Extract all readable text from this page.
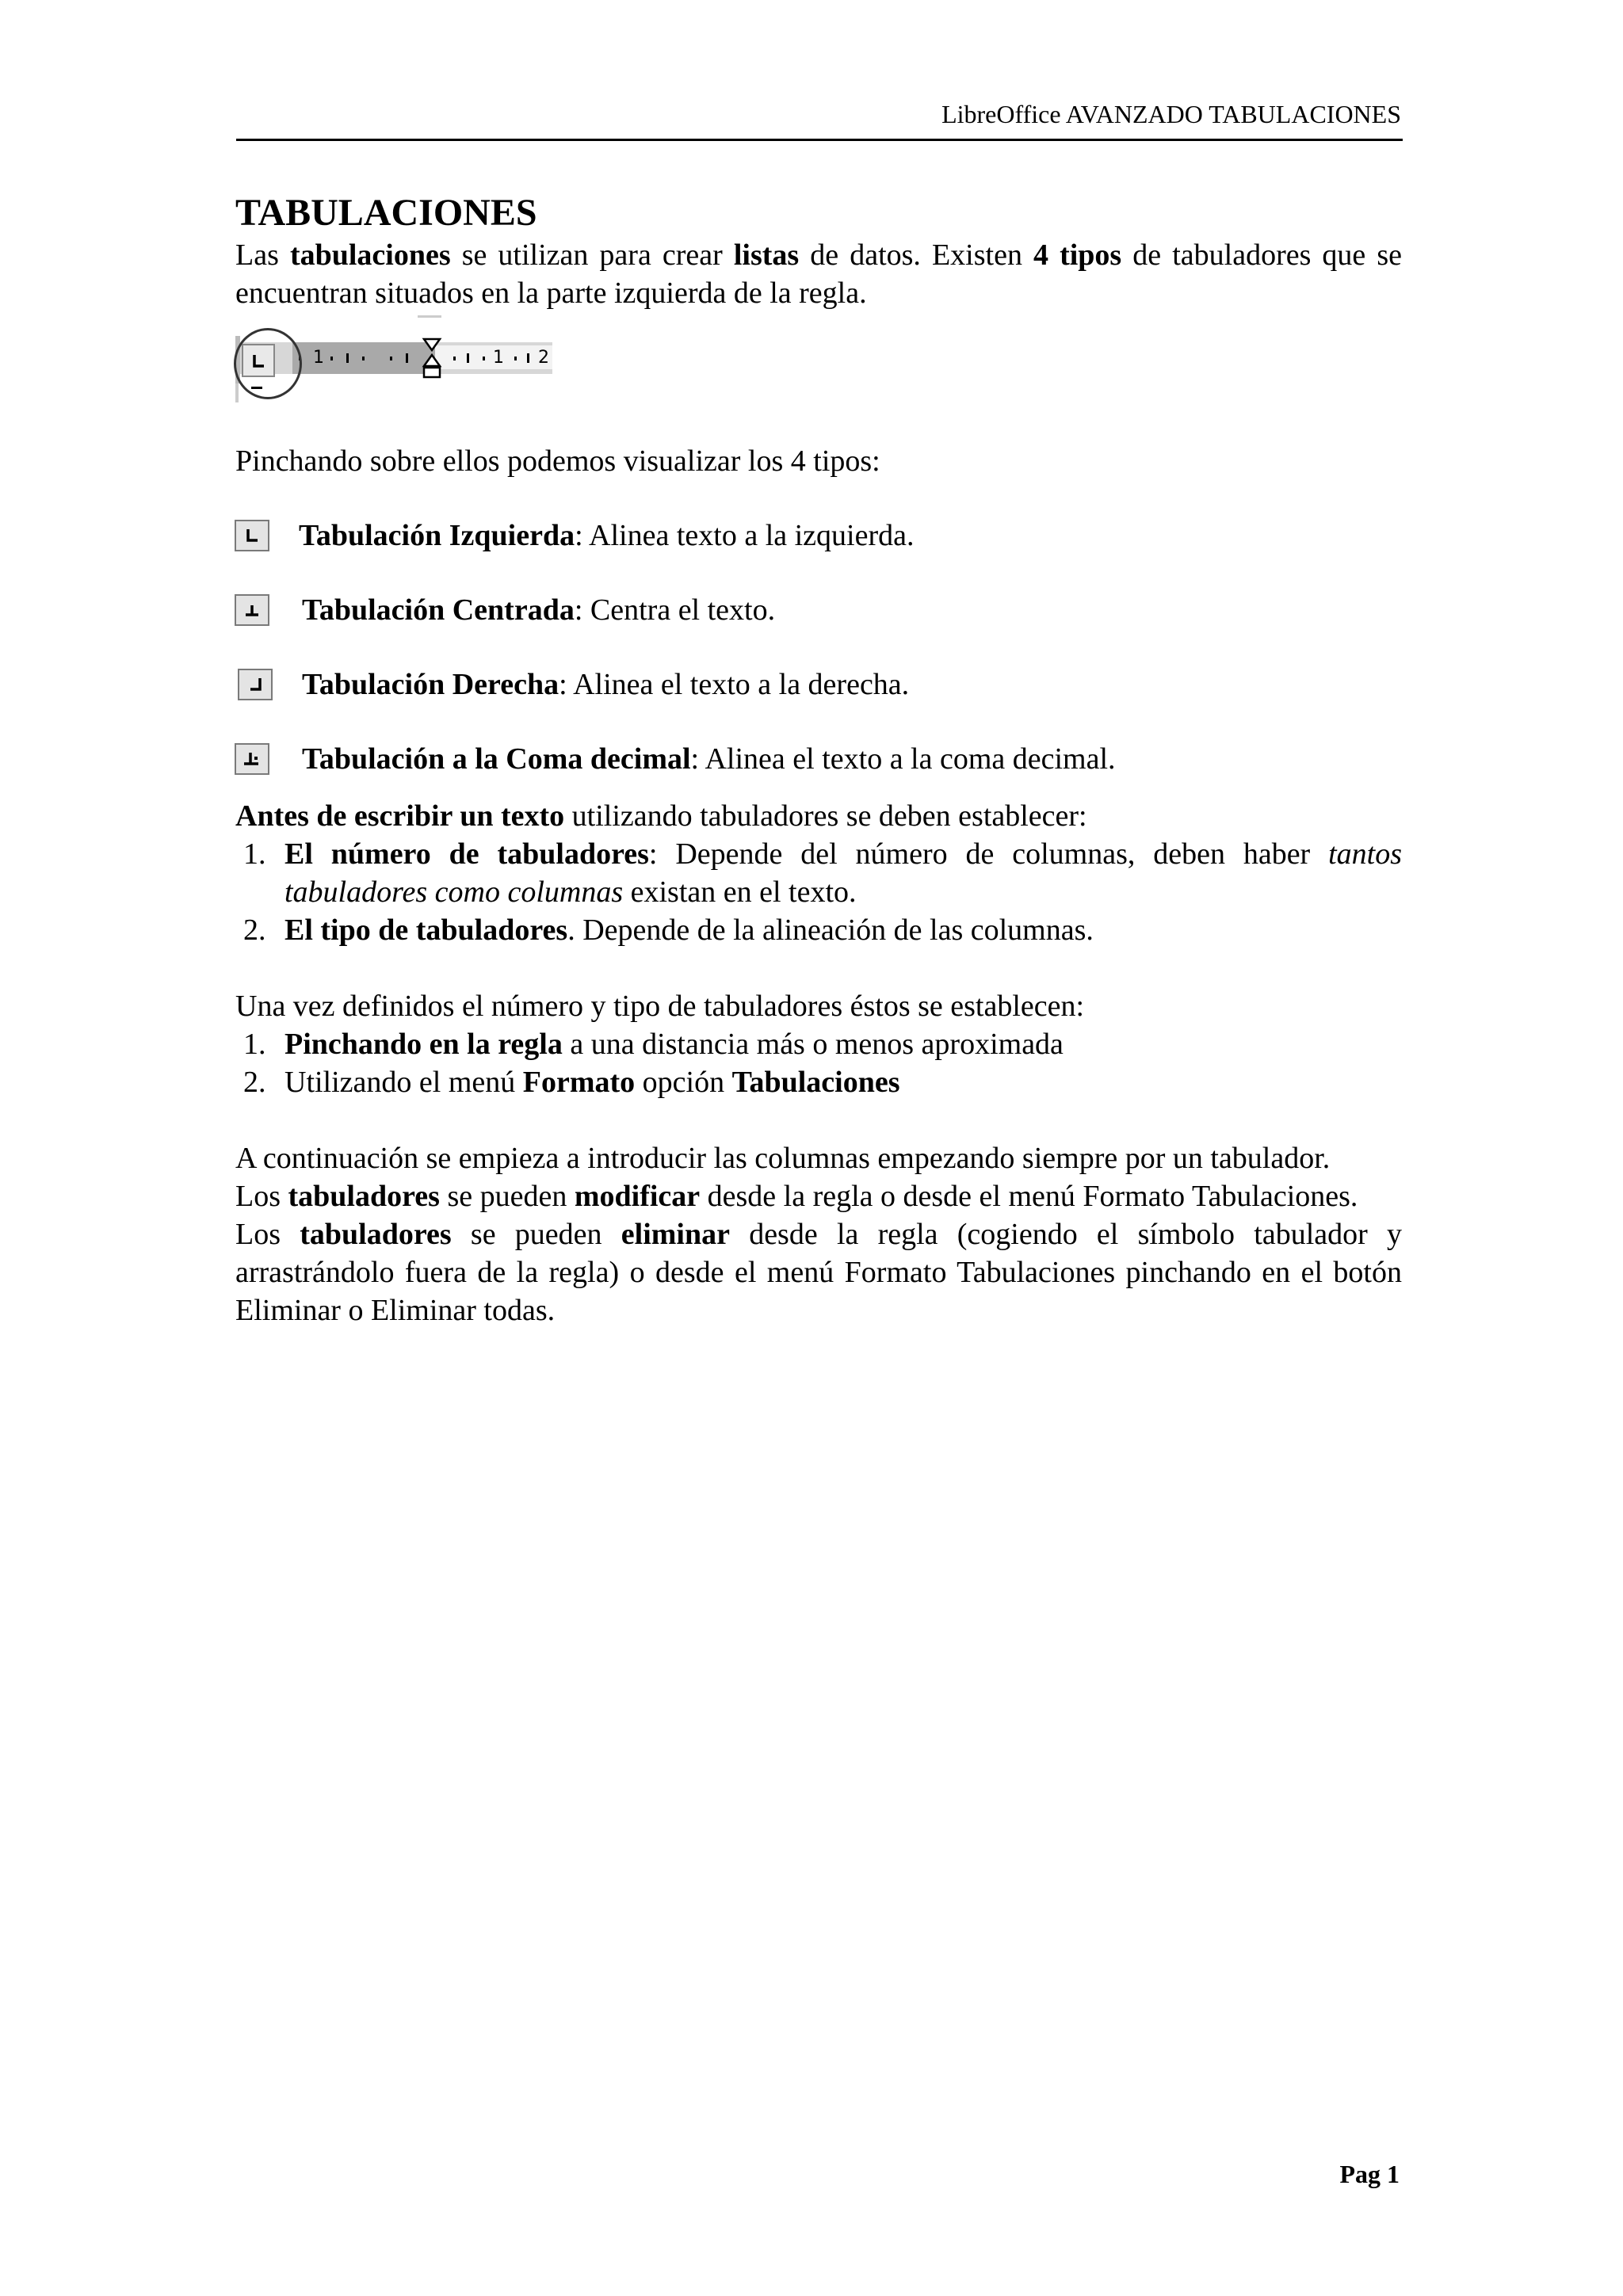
LibreOffice AVANZADO TABULACIONES
TABULACIONES

Las tabulaciones se utilizan para crear listas de datos. Existen 4 tipos de tabuladores que se encuentran situados en la parte izquierda de la regla.

1	1 2

Pinchando sobre ellos podemos visualizar los 4 tipos:

Tabulación Izquierda: Alinea texto a la izquierda.
Tabulación Centrada: Centra el texto.
Tabulación Derecha: Alinea el texto a la derecha.
Tabulación a la Coma decimal: Alinea el texto a la coma decimal.

Antes de escribir un texto utilizando tabuladores se deben establecer:

1. El número de tabuladores: Depende del número de columnas, deben haber tantos tabuladores como columnas existan en el texto.
2. El tipo de tabuladores. Depende de la alineación de las columnas.

Una vez definidos el número y tipo de tabuladores éstos se establecen:

1. Pinchando en la regla a una distancia más o menos aproximada
2. Utilizando el menú Formato opción Tabulaciones

A continuación se empieza a introducir las columnas empezando siempre por un tabulador.

Los tabuladores se pueden modificar desde la regla o desde el menú Formato Tabulaciones.

Los tabuladores se pueden eliminar desde la regla (cogiendo el símbolo tabulador y arrastrándolo fuera de la regla) o desde el menú Formato Tabulaciones pinchando en el botón Eliminar o Eliminar todas.

Pag 1
